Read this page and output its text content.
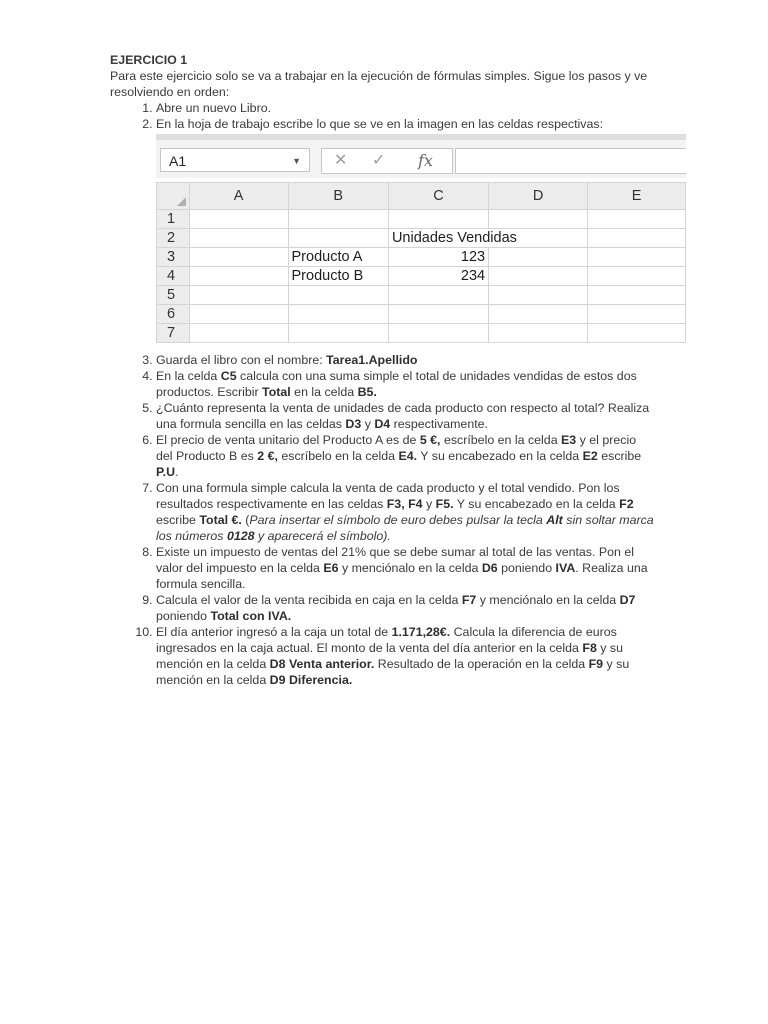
EJERCICIO 1
Para este ejercicio solo se va a trabajar en la ejecución de fórmulas simples. Sigue los pasos y ve resolviendo en orden:
1. Abre un nuevo Libro.
2. En la hoja de trabajo escribe lo que se ve en la imagen en las celdas respectivas:
A1	▼ ✕ ✓ fx
	A	B	C	D	E
1					
2			Unidades Vendidas		
3		Producto A	123		
4		Producto B	234		
5					
6					
7					
3. Guarda el libro con el nombre: Tarea1.Apellido
4. En la celda C5 calcula con una suma simple el total de unidades vendidas de estos dos productos. Escribir Total en la celda B5.
5. ¿Cuánto representa la venta de unidades de cada producto con respecto al total? Realiza una formula sencilla en las celdas D3 y D4 respectivamente.
6. El precio de venta unitario del Producto A es de 5 €, escríbelo en la celda E3 y el precio del Producto B es 2 €, escríbelo en la celda E4. Y su encabezado en la celda E2 escribe P.U.
7. Con una formula simple calcula la venta de cada producto y el total vendido. Pon los resultados respectivamente en las celdas F3, F4 y F5. Y su encabezado en la celda F2 escribe Total €. (Para insertar el símbolo de euro debes pulsar la tecla Alt sin soltar marca los números 0128 y aparecerá el símbolo).
8. Existe un impuesto de ventas del 21% que se debe sumar al total de las ventas. Pon el valor del impuesto en la celda E6 y menciónalo en la celda D6 poniendo IVA. Realiza una formula sencilla.
9. Calcula el valor de la venta recibida en caja en la celda F7 y menciónalo en la celda D7 poniendo Total con IVA.
10. El día anterior ingresó a la caja un total de 1.171,28€. Calcula la diferencia de euros ingresados en la caja actual. El monto de la venta del día anterior en la celda F8 y su mención en la celda D8 Venta anterior. Resultado de la operación en la celda F9 y su mención en la celda D9 Diferencia.
